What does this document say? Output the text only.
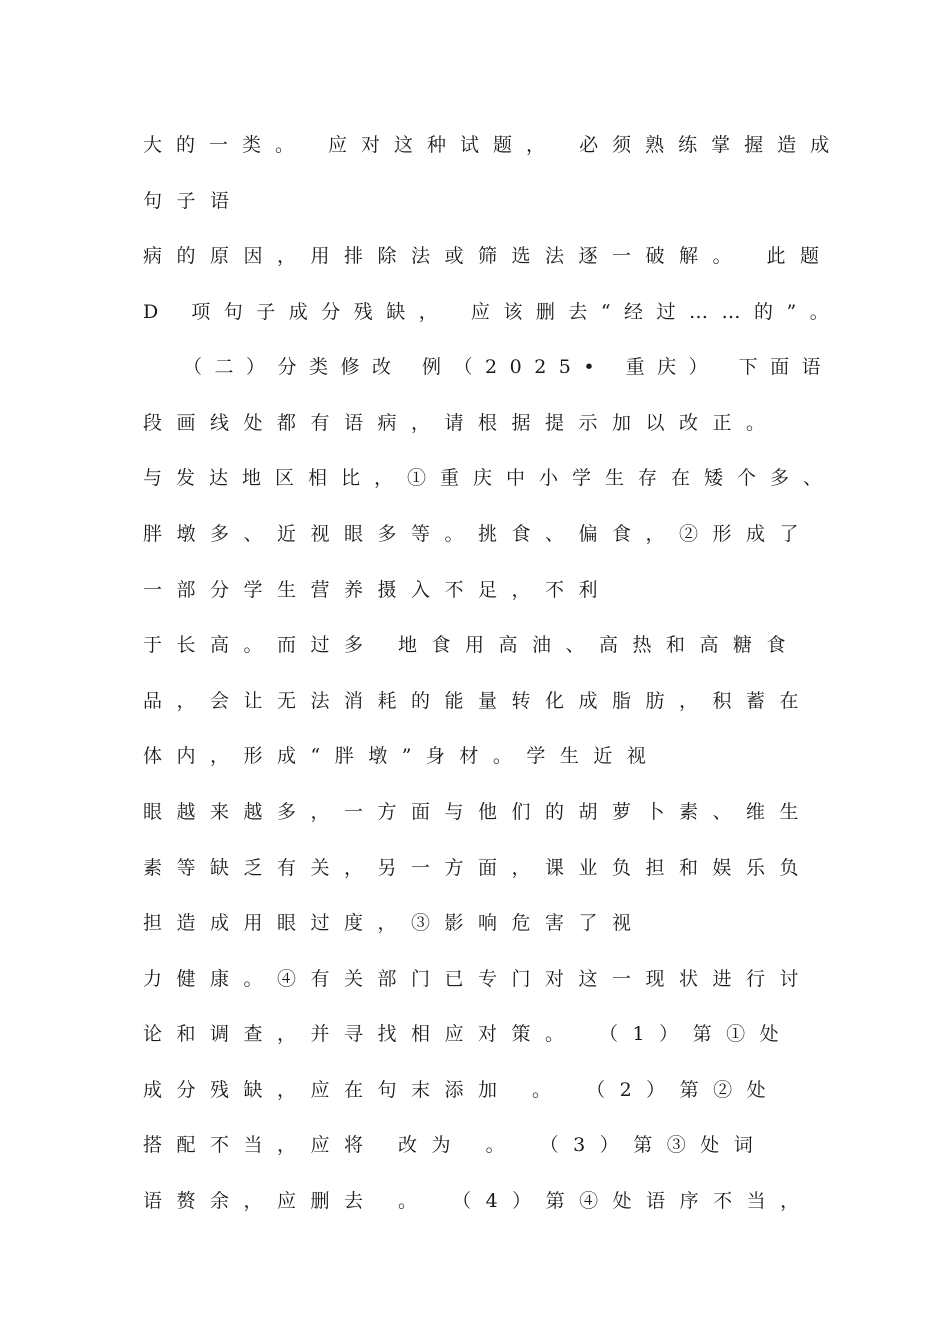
大的一类。 应对这种试题， 必须熟练掌握造成
句子语
病的原因，用排除法或筛选法逐一破解。 此题
D 项句子成分残缺， 应该删去“经过……的”。
（二）分类修改 例（2025• 重庆） 下面语
段画线处都有语病，请根据提示加以改正。
与发达地区相比，①重庆中小学生存在矮个多、
胖墩多、近视眼多等。挑食、偏食，②形成了
一部分学生营养摄入不足，不利
于长高。而过多 地食用高油、高热和高糖食
品，会让无法消耗的能量转化成脂肪，积蓄在
体内，形成“胖墩”身材。学生近视
眼越来越多，一方面与他们的胡萝卜素、维生
素等缺乏有关，另一方面，课业负担和娱乐负
担造成用眼过度，③影响危害了视
力健康。④有关部门已专门对这一现状进行讨
论和调查，并寻找相应对策。 （1）第①处
成分残缺，应在句末添加 。 （2）第②处
搭配不当，应将 改为 。 （3）第③处词
语赘余，应删去 。 （4）第④处语序不当，
